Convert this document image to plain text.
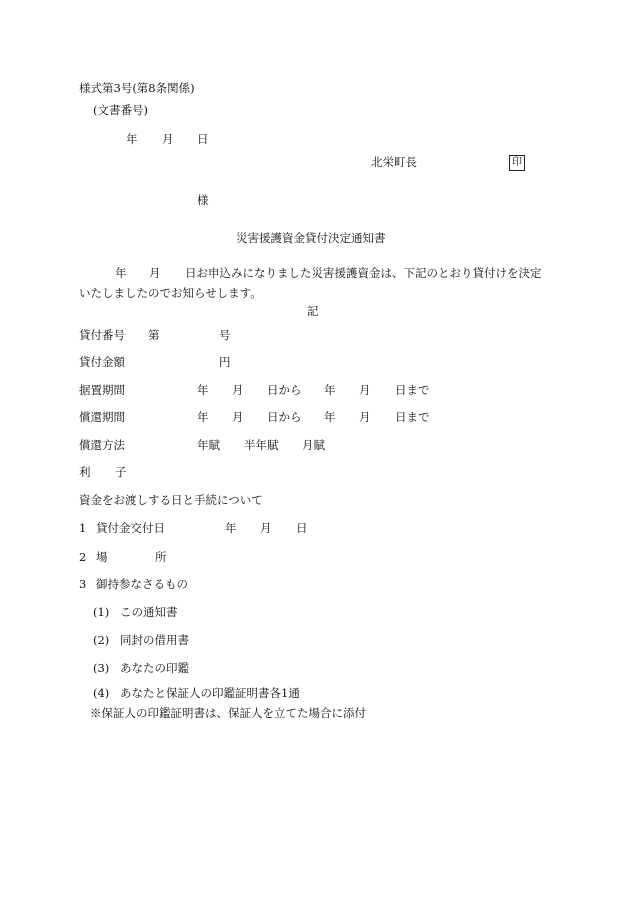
様式第3号(第8条関係)
(文書番号)
年 月 日
北栄町長	印
様
災害援護資金貸付決定通知書
年 月 日お申込みになりました災害援護資金は、下記のとおり貸付けを決定
いたしましたのでお知らせします。
記
貸付番号 第	号
貸付金額	円
据置期間	年 月 日から 年 月 日まで
償還期間	年 月 日から 年 月 日まで
償還方法	年賦 半年賦 月賦
利 子
資金をお渡しする日と手続について
1 貸付金交付日	年 月 日
2 場	所
3 御持参なさるもの
(1) この通知書
(2) 同封の借用書
(3) あなたの印鑑
(4) あなたと保証人の印鑑証明書各1通
※保証人の印鑑証明書は、保証人を立てた場合に添付
